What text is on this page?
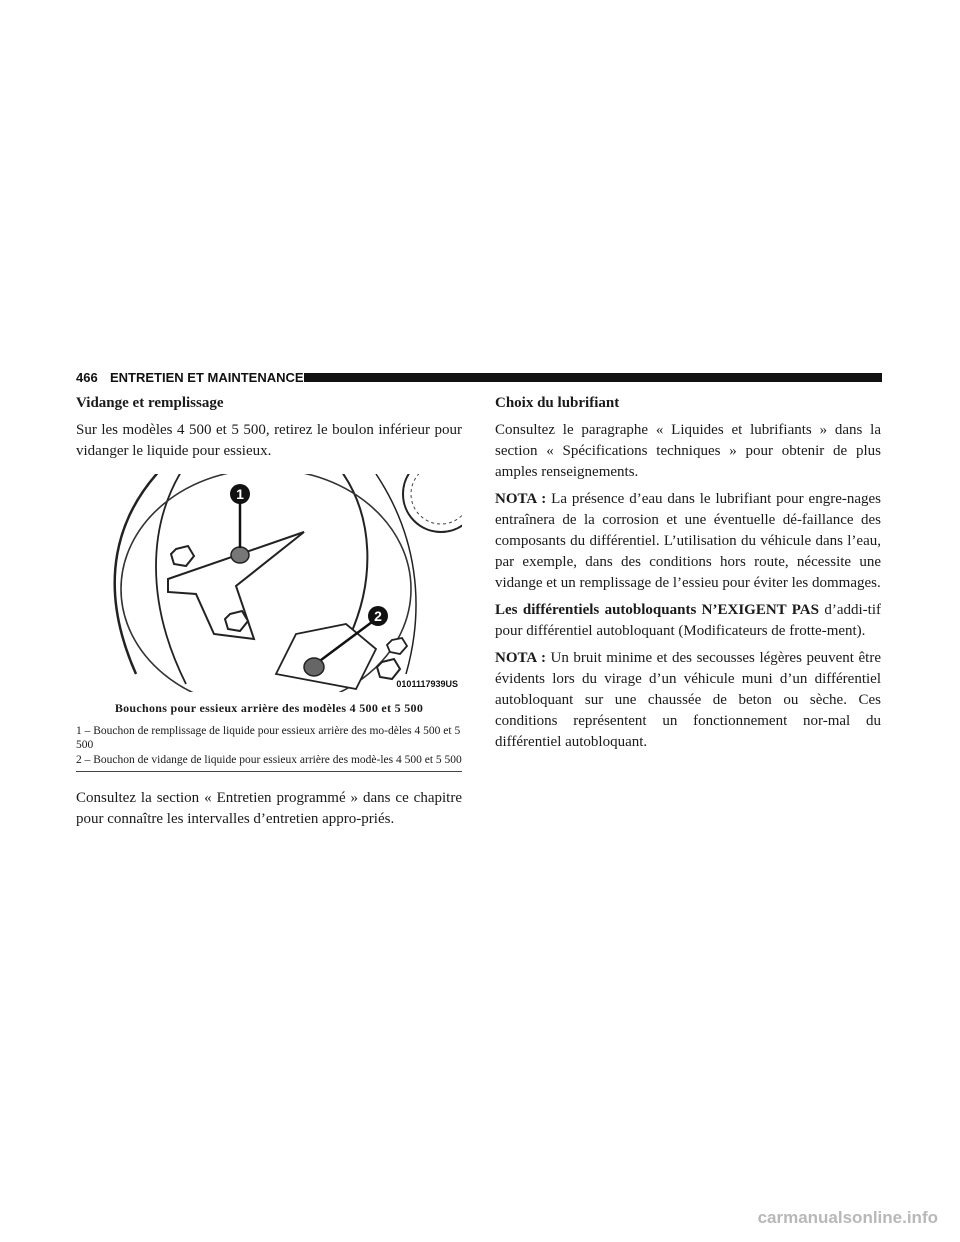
466 ENTRETIEN ET MAINTENANCE
Vidange et remplissage

Sur les modèles 4 500 et 5 500, retirez le boulon inférieur pour vidanger le liquide pour essieux.

1
2
0101117939US
Bouchons pour essieux arrière des modèles 4 500 et 5 500
1 – Bouchon de remplissage de liquide pour essieux arrière des mo-dèles 4 500 et 5 500
2 – Bouchon de vidange de liquide pour essieux arrière des modè-les 4 500 et 5 500

Consultez la section « Entretien programmé » dans ce chapitre pour connaître les intervalles d’entretien appro-priés.

Choix du lubrifiant

Consultez le paragraphe « Liquides et lubrifiants » dans la section « Spécifications techniques » pour obtenir de plus amples renseignements.

NOTA : La présence d’eau dans le lubrifiant pour engre-nages entraînera de la corrosion et une éventuelle dé-faillance des composants du différentiel. L’utilisation du véhicule dans l’eau, par exemple, dans des conditions hors route, nécessite une vidange et un remplissage de l’essieu pour éviter les dommages.

Les différentiels autobloquants N’EXIGENT PAS d’addi-tif pour différentiel autobloquant (Modificateurs de frotte-ment).

NOTA : Un bruit minime et des secousses légères peuvent être évidents lors du virage d’un véhicule muni d’un différentiel autobloquant sur une chaussée de beton ou sèche. Ces conditions représentent un fonctionnement nor-mal du différentiel autobloquant.

carmanualsonline.info
